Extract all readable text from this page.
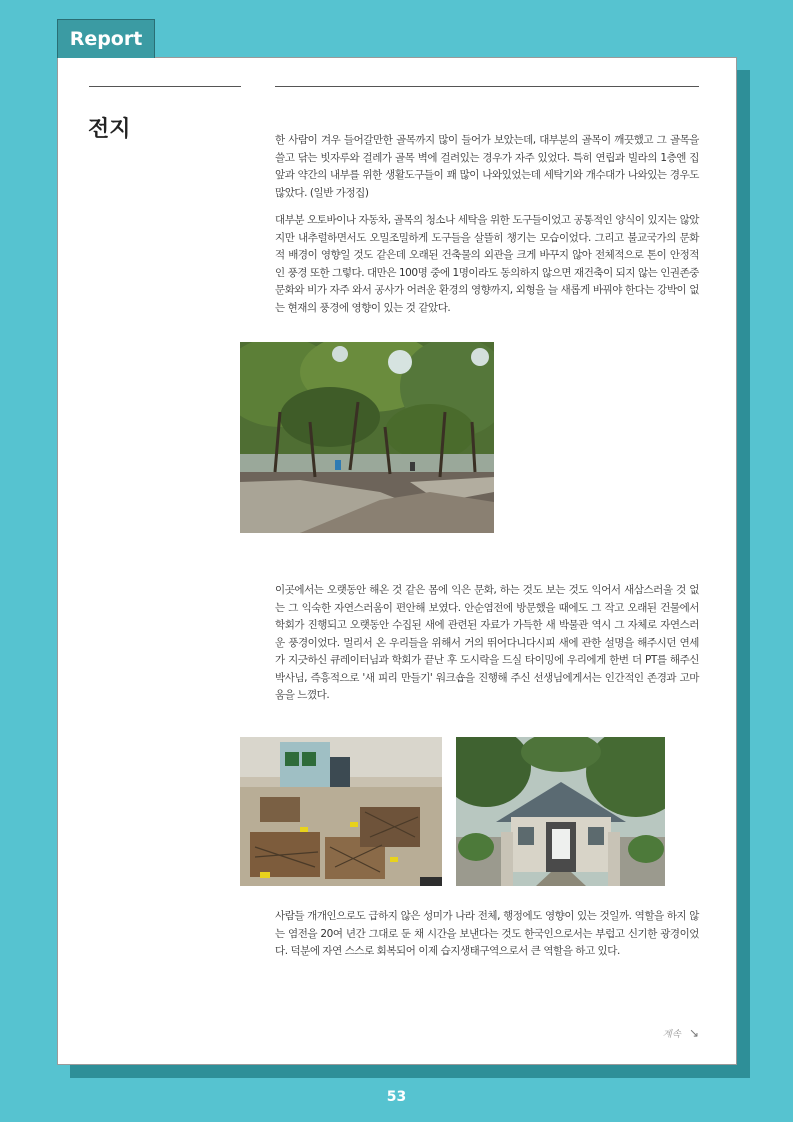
Report
전지	한 사람이 겨우 들어갈만한 골목까지 많이 들어가 보았는데, 대부분의 골목이 깨끗했고 그 골목을 쓸고 닦는 빗자루와 걸레가 골목 벽에 걸려있는 경우가 자주 있었다. 특히 연립과 빌라의 1층엔 집 앞과 약간의 내부를 위한 생활도구들이 꽤 많이 나와있었는데 세탁기와 개수대가 나와있는 경우도 많았다. (일반 가정집)

대부분 오토바이나 자동차, 골목의 청소나 세탁을 위한 도구들이었고 공통적인 양식이 있지는 않았지만 내추럴하면서도 오밀조밀하게 도구들을 살뜰히 챙기는 모습이었다. 그리고 불교국가의 문화적 배경이 영향일 것도 같은데 오래된 건축물의 외관을 크게 바꾸지 않아 전체적으로 톤이 안정적인 풍경 또한 그렇다. 대만은 100명 중에 1명이라도 동의하지 않으면 재건축이 되지 않는 인권존중문화와 비가 자주 와서 공사가 어려운 환경의 영향까지, 외형을 늘 새롭게 바꿔야 한다는 강박이 없는 현재의 풍경에 영향이 있는 것 같았다.

이곳에서는 오랫동안 해온 것 같은 몸에 익은 문화, 하는 것도 보는 것도 익어서 새삼스러울 것 없는 그 익숙한 자연스러움이 편안해 보였다. 안순염전에 방문했을 때에도 그 작고 오래된 건물에서 학회가 진행되고 오랫동안 수집된 새에 관련된 자료가 가득한 새 박물관 역시 그 자체로 자연스러운 풍경이었다. 멀리서 온 우리들을 위해서 거의 뛰어다니다시피 새에 관한 설명을 해주시던 연세가 지긋하신 큐레이터님과 학회가 끝난 후 도시락을 드실 타이밍에 우리에게 한번 더 PT를 해주신 박사님, 즉흥적으로 '새 피리 만들기' 워크숍을 진행해 주신 선생님에게서는 인간적인 존경과 고마움을 느꼈다.

사람들 개개인으로도 급하지 않은 성미가 나라 전체, 행정에도 영향이 있는 것일까. 역할을 하지 않는 염전을 20여 년간 그대로 둔 채 시간을 보낸다는 것도 한국인으로서는 부럽고 신기한 광경이었다. 덕분에 자연 스스로 회복되어 이제 습지생태구역으로서 큰 역할을 하고 있다.

계속 ↘
53
